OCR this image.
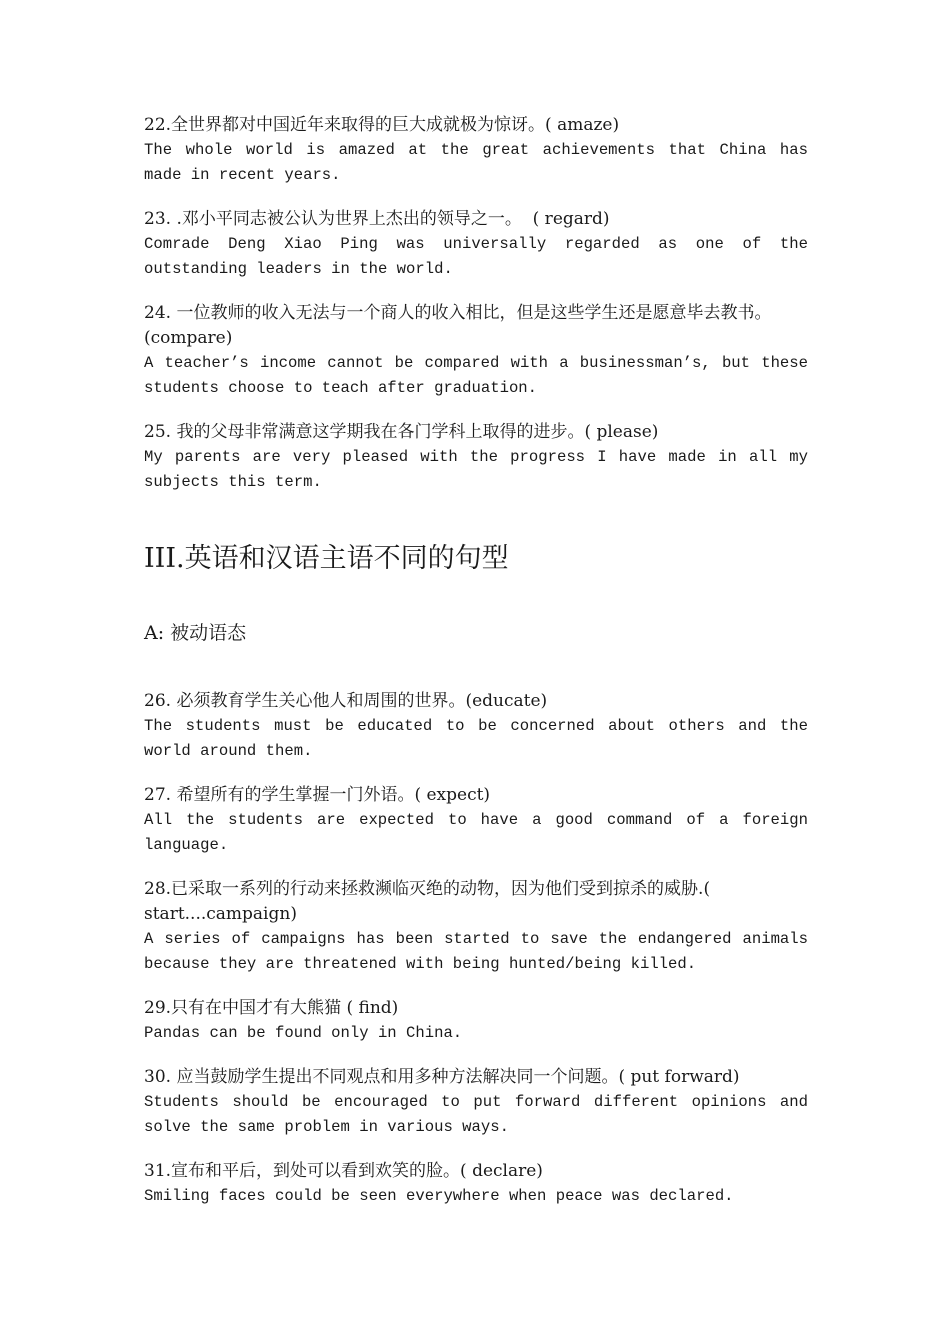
22.全世界都对中国近年来取得的巨大成就极为惊讶。( amaze)
The whole world is amazed at the great achievements that China has made in recent years.
23. .邓小平同志被公认为世界上杰出的领导之一。  ( regard)
Comrade Deng Xiao Ping was universally regarded as one of the outstanding leaders in the world.
24. 一位教师的收入无法与一个商人的收入相比，但是这些学生还是愿意毕去教书。(compare)
A teacher’s income cannot be compared with a businessman’s, but these students choose to teach after graduation.
25. 我的父母非常满意这学期我在各门学科上取得的进步。( please)
My parents are very pleased with the progress I have made in all my subjects this term.
III.英语和汉语主语不同的句型
A: 被动语态
26. 必须教育学生关心他人和周围的世界。(educate)
The students must be educated to be concerned about others and the world around them.
27. 希望所有的学生掌握一门外语。( expect)
All the students are expected to have a good command of a foreign language.
28.已采取一系列的行动来拯救濒临灭绝的动物，因为他们受到掠杀的威胁.( start....campaign)
A series of campaigns has been started to save the endangered animals because they are threatened with being hunted/being killed.
29.只有在中国才有大熊猫 ( find)
Pandas can be found only in China.
30. 应当鼓励学生提出不同观点和用多种方法解决同一个问题。( put forward)
Students should be encouraged to put forward different opinions and solve the same problem in various ways.
31.宣布和平后，到处可以看到欢笑的脸。( declare)
Smiling faces could be seen everywhere when peace was declared.
